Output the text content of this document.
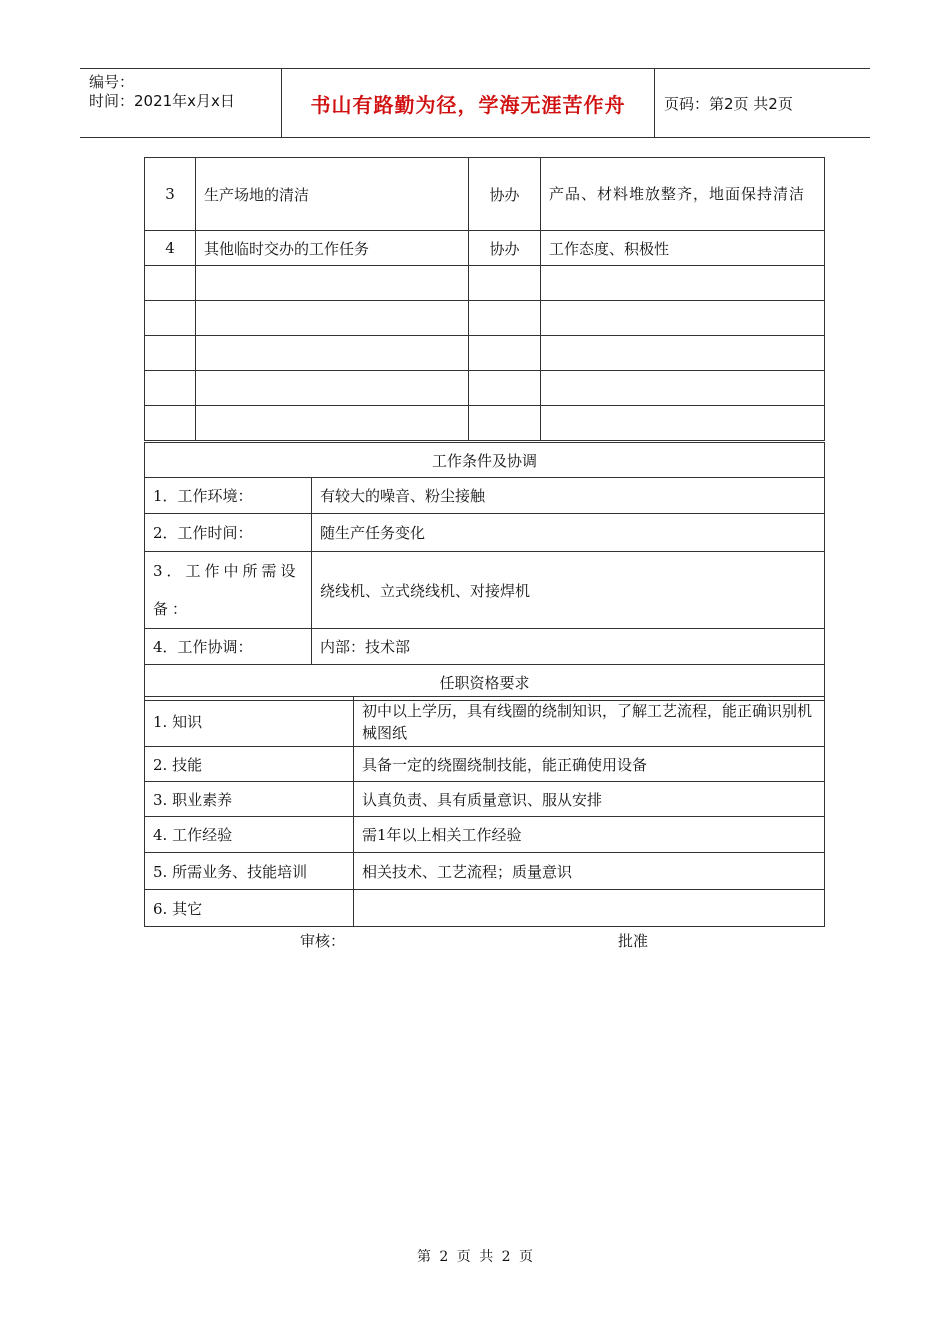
编号：
时间：2021年x月x日	书山有路勤为径，学海无涯苦作舟	页码：第2页 共2页
3	生产场地的清洁	协办	产品、材料堆放整齐，地面保持清洁
4	其他临时交办的工作任务	协办	工作态度、积极性

工作条件及协调	
1．工作环境：	有较大的噪音、粉尘接触
2．工作时间：	随生产任务变化
3．工作中所需设备：	绕线机、立式绕线机、对接焊机
4．工作协调：	内部：技术部
任职资格要求	
1. 知识	初中以上学历，具有线圈的绕制知识，了解工艺流程，能正确识别机械图纸
2. 技能	具备一定的绕圈绕制技能，能正确使用设备
3. 职业素养	认真负责、具有质量意识、服从安排
4. 工作经验	需1年以上相关工作经验
5. 所需业务、技能培训	相关技术、工艺流程；质量意识
6. 其它	
审核：	批准
第 2 页 共 2 页
